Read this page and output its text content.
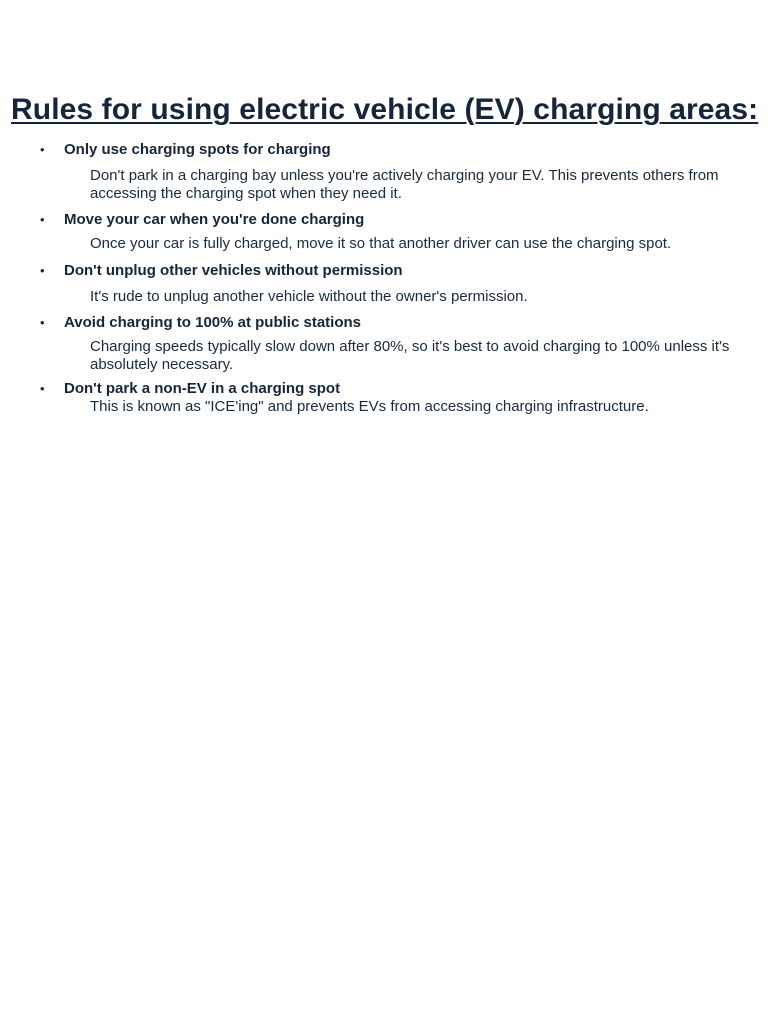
Rules for using electric vehicle (EV) charging areas:
• Only use charging spots for charging
Don't park in a charging bay unless you're actively charging your EV. This prevents others from accessing the charging spot when they need it.
• Move your car when you're done charging
Once your car is fully charged, move it so that another driver can use the charging spot.
• Don't unplug other vehicles without permission
It's rude to unplug another vehicle without the owner's permission.
• Avoid charging to 100% at public stations
Charging speeds typically slow down after 80%, so it's best to avoid charging to 100% unless it's absolutely necessary.
• Don't park a non-EV in a charging spot
This is known as "ICE'ing" and prevents EVs from accessing charging infrastructure.
